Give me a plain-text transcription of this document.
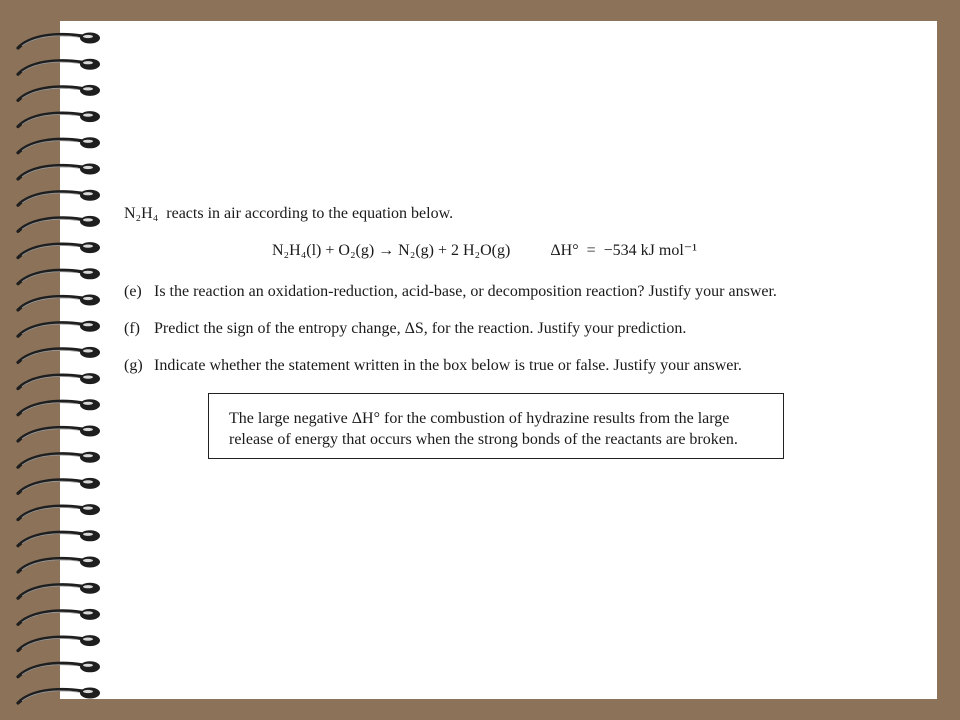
N₂H₄ reacts in air according to the equation below.
N₂H₄(l) + O₂(g) → N₂(g) + 2 H₂O(g)	ΔH° = −534 kJ mol⁻¹
(e) Is the reaction an oxidation-reduction, acid-base, or decomposition reaction? Justify your answer.
(f) Predict the sign of the entropy change, ΔS, for the reaction. Justify your prediction.
(g) Indicate whether the statement written in the box below is true or false. Justify your answer.
The large negative ΔH° for the combustion of hydrazine results from the large
release of energy that occurs when the strong bonds of the reactants are broken.
